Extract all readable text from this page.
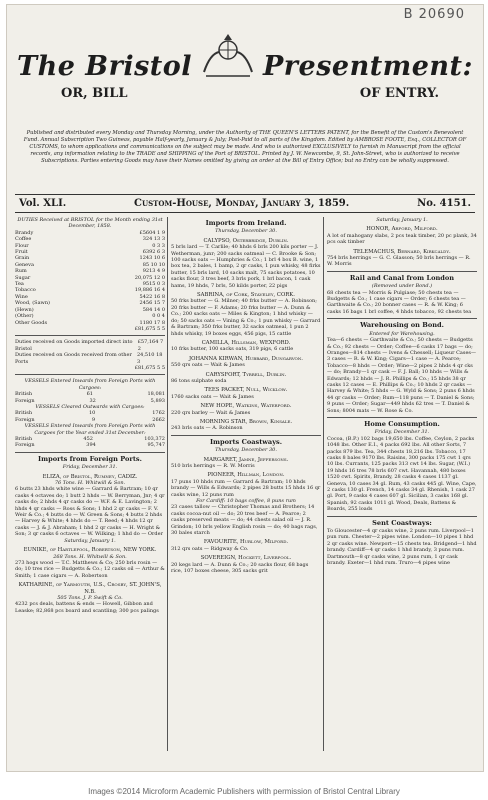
B 20690
The Bristol	Presentment:
OR, BILL	OF ENTRY.
Published and distributed every Monday and Thursday Morning, under the Authority of THE QUEEN'S LETTERS PATENT, for the Benefit of the Custom's Benevolent Fund. Annual Subscription Two Guineas, payable Half-yearly, January & July; Post-Paid to all parts of the Kingdom. Edited by AMBROSE FOOTE, Esq., COLLECTOR OF CUSTOMS, to whom applications and communications on the subject may be made. And who is authorized EXCLUSIVELY to furnish in Manuscript from the official records, any information relating to the TRADE and SHIPPING of the Port of BRISTOL. Printed by J. W. Newcombe, 9, St. John-Street, who is authorized to receive Subscriptions. Parties entering Goods may have their Names omitted by giving an order at the Bill of Entry Office; but no Entry can be wholly suppressed.
Vol. XLI.	Custom-House, Monday, January 3, 1859.	No. 4151.
DUTIES Received at BRISTOL for the Month ending 31st December, 1858.
Brandy	£5604 1 9
Coffee	324 13 3
Flour	0 3 3
Fruit	6392 6 3
Grain	1243 10 6
Geneva	85 10 10
Rum	9213 4 9
Sugar	20,075 12 0
Tea	9515 0 3
Tobacco	19,886 16 4
Wine	5422 16 8
Wood, (Sawn)	2456 15 7
(Hewn)	584 14 0
(Other)	0 0 4
Other Goods	1180 17 8
£81,675 5 5
Duties received on Goods imported direct into Bristol
£57,164 7 2
Duties received on Goods received from other Ports
24,510 18 3
£81,675 5 5
VESSELS Entered Inwards from Foreign Ports with Cargoes:
British	61	18,081
Foreign	32	5,893
VESSELS Cleared Outwards with Cargoes:
British	10	1762
Foreign	9	2662
VESSELS Entered Inwards from Foreign Ports with Cargoes for the Year ended 31st December:
British	452	103,372
Foreign	394	95,747
Imports from Foreign Ports.
Friday, December 31.
ELIZA, of Bristol, Rumney, CADIZ.
76 Tons. H. Whitwill & Son.
6 butts 23 hhds white wine — Garrard & Bartram; 10 qr casks 4 octaves do; 1 butt 2 hhds — W. Berryman, Jnr; 4 qr casks do; 2 hhds 4 qr casks do — W.F. & E. Lavington; 2 hhds 4 qr casks — Ross & Sons; 1 hhd 2 qr casks — F. V. Weir & Co.; 4 butts do — W. Green & Sons; 4 butts 2 hhds — Harvey & White; 4 hhds do — T. Reed; 4 hhds 12 qr casks — J. & J. Abraham; 1 hhd 2 qr casks — H. Wright & Son; 3 qr casks 6 octaves — W. Wilking; 1 hhd do — Order
Saturday, January 1.
EUNIKE, of Hartlepool, Robertson, NEW YORK.
268 Tons. H. Whitwill & Son.
273 hogs wood — T.C. Matthews & Co; 250 brls rosin — do; 10 tres rice — Budgetts & Co.; 12 casks oil — Arthur & Smith; 1 case cigars — A. Robertson
KATHARINE, of Yarmouth, U.S., Crosby, ST. JOHN'S, N.B.
505 Tons. J. P. Swift & Co.
4232 pcs deals, battens & ends — Howell, Gibbon and Leaske; 82,868 pcs board and scantling; 300 pcs palings
Imports from Ireland.
Thursday, December 30.
CALYPSO, Osterbridge, Dublin.
5 brls lard — T. Carlile; 40 hhds 6 brls 200 kils porter — J. Wetherman, junr; 200 sacks oatmeal — C. Brooke & Son; 100 sacks oats — Humphries & Co.; 1 brl 4 box B. wine, 1 box tea, 2 bales, 1 bamp, 2 qr casks, 1 pun whisky, 48 firks butter, 15 brls lard, 10 sacks malt, 75 sacks potatoes, 10 sacks flour, 3 tres beef, 3 brls pork, 1 brl bacon, 1 cask hams, 19 hhds, 7 brls, 50 kilds porter, 22 pigs
SABRINA, of Cork, Staveley, CORK.
50 frks butter — G. Milner; 40 frks butter — A. Robinson; 20 frks butter — F. Adams; 20 frks butter — A. Dunn & Co.; 200 sacks oats — Miles & Kington; 1 hhd whisky — do; 50 sacks oats — Vining & Co.; 1 pun whisky — Garrard & Bartram; 350 frks butter, 32 sacks oatmeal, 1 pun 2 hhds whisky, 19 boxes eggs, 456 pigs, 15 cattle
CAMILLA, Hillsman, WEXFORD.
10 frks butter, 100 sacks oats, 319 pigs, 6 cattle
JOHANNA KIRWAN, Hubbard, Dungarvon.
550 qrs oats — Wait & James
CARYSFORT, Tyrrell, Dublin.
86 tons sulphate soda
TEES PACKET, Null, Wicklow.
1760 sacks oats — Wait & James
NEW HOPE, Watkins, Waterford.
220 qrs barley — Wait & James
MORNING STAR, Brown, Kinsale.
243 brls oats — A. Robinson
Imports Coastways.
Thursday, December 30.
MARGARET, Jamne, Jeffersons.
510 brls herrings — R. W. Morris
PIONEER, Hillman, London.
17 puns 10 hhds rum — Garrard & Bartram; 10 hhds brandy — Wills & Edwards; 2 pipes 28 butts 15 hhds 16 qr casks wine, 12 puns rum
For Cardiff: 10 bags coffee, 8 puns rum
23 cases tallow — Christopher Thomas and Brothers; 14 casks cocoa-nut oil — do; 20 tres beef — A. Pearce; 2 casks preserved meats — do; 44 chests salad oil — J. R. Grindon; 10 brls yellow English rosin — do; 40 bags rags, 30 bales starch
FAVOURITE, Hurlow, Milford.
312 qrs oats — Ridgway & Co.
SOVEREIGN, Hockett, Liverpool.
20 kegs lard — A. Dunn & Co.; 20 sacks flour, 68 bags rice, 107 boxes cheese, 305 sacks grit
Saturday, January 1.
HONOR, Arford, Milford.
A lot of mahogany slabs, 2 pcs teak timber, 20 pc plank, 34 pcs oak timber
TELEMACHUS, Bernard, Kirkcaldy.
754 brls herrings — G. C. Glasson; 50 brls herrings — R. W. Morris
Rail and Canal from London
(Removed under Bond.)
68 chests tea — Morris & Pulgiase; 50 chests tea — Budgetts & Co.; 1 case cigars — Order; 6 chests tea — Garthwaite & Co.; 20 bonner cases — R. & W. King; 6 casks 16 bags 1 brl coffee, 4 hhds tobacco, 92 chests tea
Warehousing on Bond.
Entered for Warehousing.
Tea—6 chests — Garthwaite & Co.; 50 chests — Budgetts & Co.; 92 chests — Order; Coffee—6 casks 17 bags — do; Oranges—814 chests — Ivens & Chessell; Liqueur Cases—3 cases — R. & W. King; Cigars—1 case — A. Pearce; Tobacco—8 hhds — Order; Wine—2 pipes 2 hhds 4 qr cks — do; Brandy—1 qr cask — F. J. Ball; 10 hhds — Wills & Edwards; 12 hhds — J. R. Phillips & Co.; 15 hhds 38 qr casks 12 cases — E. Phillips & Co.; 10 hhds 2 qr casks — Harvey & White; 5 hhds — G. Wyld & Sons; 2 puns 6 hhds 44 qr casks — Order; Rum—118 puns — T. Daniel & Sons; 9 puns — Order; Sugar—449 hhds 62 tres — T. Daniel & Sons; 8004 mats — W. Rose & Co.
Home Consumption.
Friday, December 31.
Cocoa, (B.P.) 102 bags 19,650 lbs. Coffee, Ceylon, 2 packs 1048 lbs. Other E.I., 4 packs 692 lbs. All other Sorts, 7 packs 879 lbs. Tea, 344 chests 18,216 lbs. Tobacco, 17 casks 8 bales 9170 lbs. Raisins, 300 packs 175 cwt 1 qrs 10 lbs. Currants, 125 packs 313 cwt 14 lbs. Sugar, (W.I.) 19 hhds 16 tres 78 brls 607 cwt. Havannah, 480 boxes 1520 cwt. Spirits, Brandy, 28 casks 4 cases 1137 gl. Geneva, 10 cases 34 gl. Rum, 43 casks 445 gl. Wine, Cape, 2 casks 130 gl. French, 14 casks 34 gl. Rhenish, 1 cask 27 gl. Port, 9 casks 4 cases 607 gl. Sicilian, 3 casks 168 gl. Spanish, 92 casks 1011 gl. Wood, Deals, Battens & Boards, 255 loads
Sent Coastways:
To Gloucester—4 qr casks wine, 2 puns rum. Liverpool—1 pun rum. Chester—2 pipes wine. London—10 pipes 1 hhd 2 qr casks wine. Newport—15 chests tea. Bridgend—1 hhd brandy. Cardiff—4 qr casks 1 hhd brandy, 3 puns rum. Dartmouth—8 qr casks wine, 2 puns rum, 1 qr cask brandy. Exeter—1 hhd rum. Truro—4 pipes wine
Images ©2014 Microform Academic Publishers with permission of Bristol Central Library
